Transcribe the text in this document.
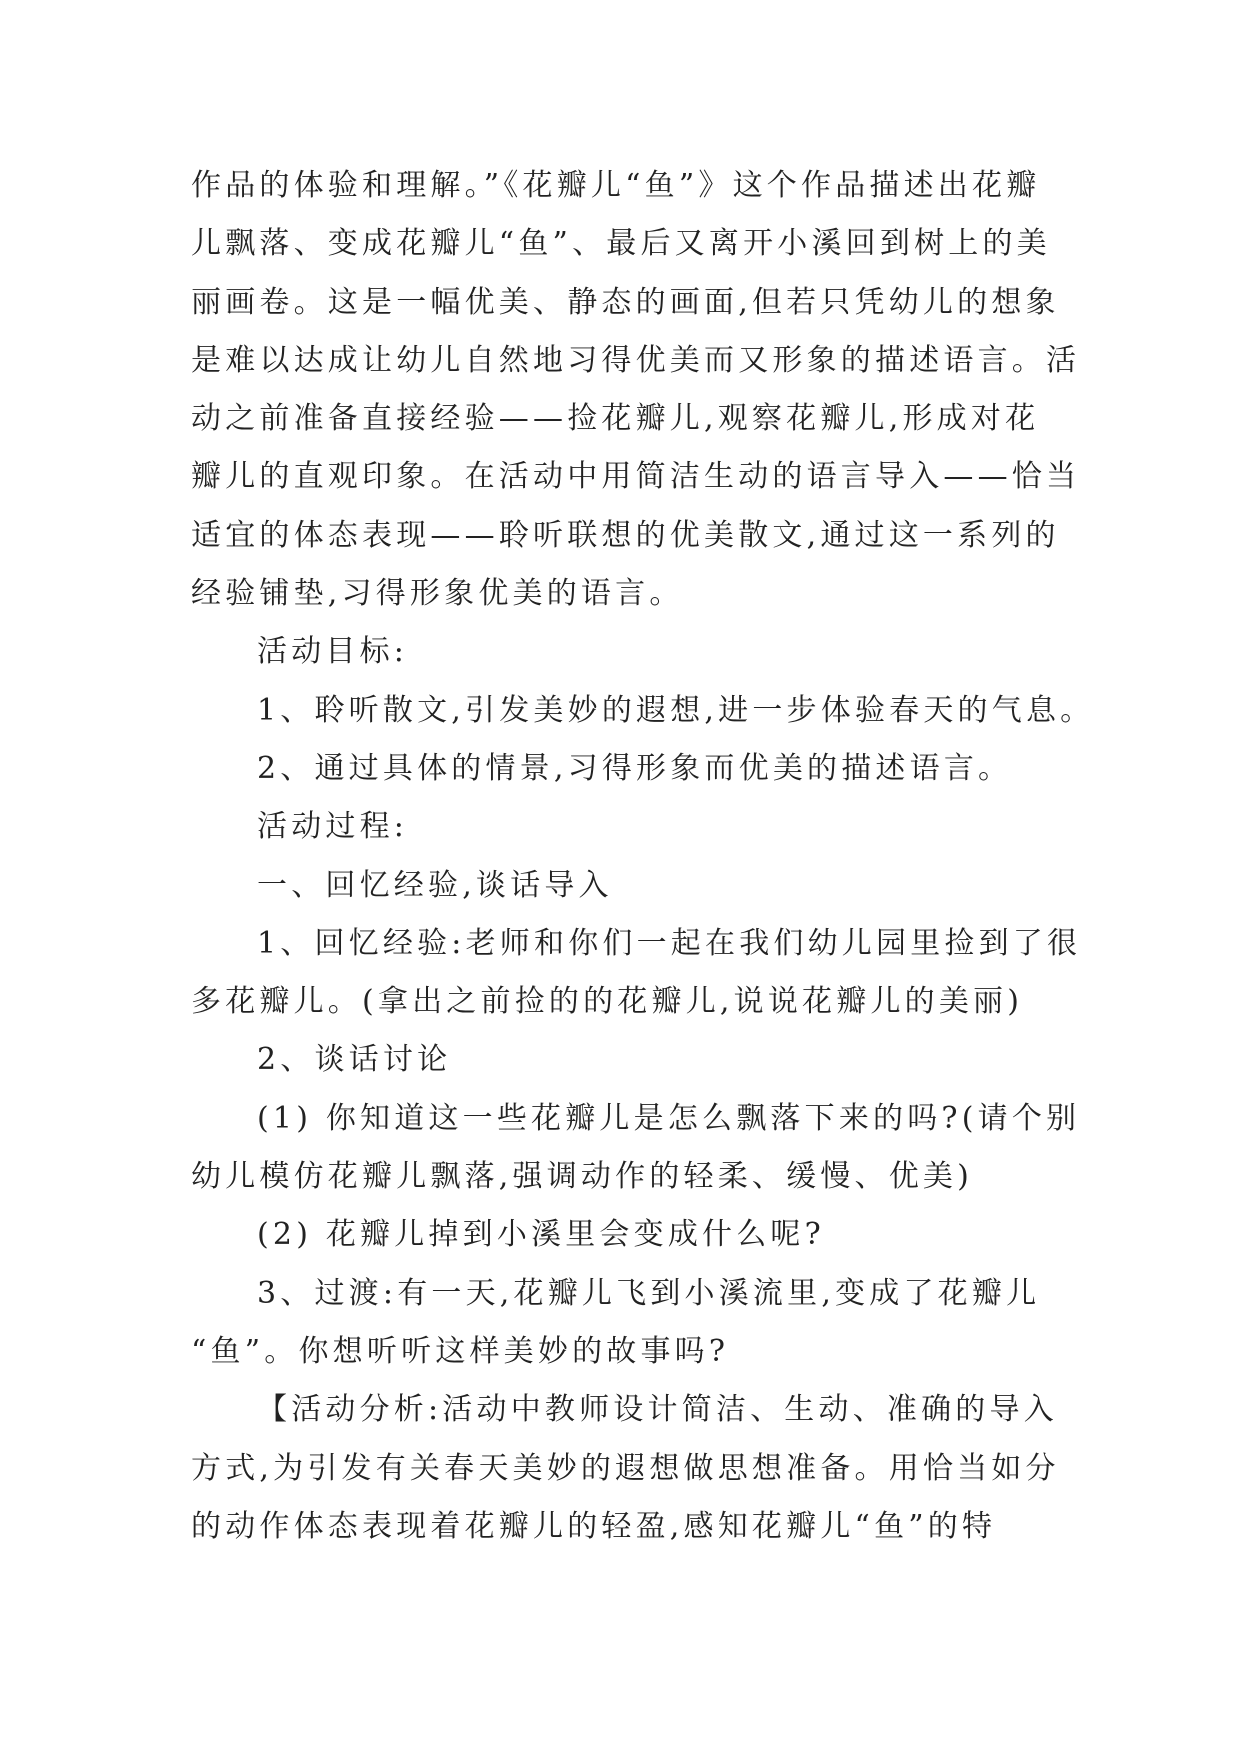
作品的体验和理解。”《花瓣儿“鱼”》这个作品描述出花瓣
儿飘落、变成花瓣儿“鱼”、最后又离开小溪回到树上的美
丽画卷。这是一幅优美、静态的画面,但若只凭幼儿的想象
是难以达成让幼儿自然地习得优美而又形象的描述语言。活
动之前准备直接经验——捡花瓣儿,观察花瓣儿,形成对花
瓣儿的直观印象。在活动中用简洁生动的语言导入——恰当
适宜的体态表现——聆听联想的优美散文,通过这一系列的
经验铺垫,习得形象优美的语言。
活动目标:
1、聆听散文,引发美妙的遐想,进一步体验春天的气息。
2、通过具体的情景,习得形象而优美的描述语言。
活动过程:
一、回忆经验,谈话导入
1、回忆经验:老师和你们一起在我们幼儿园里捡到了很
多花瓣儿。(拿出之前捡的的花瓣儿,说说花瓣儿的美丽)
2、谈话讨论
(1) 你知道这一些花瓣儿是怎么飘落下来的吗?(请个别
幼儿模仿花瓣儿飘落,强调动作的轻柔、缓慢、优美)
(2) 花瓣儿掉到小溪里会变成什么呢?
3、过渡:有一天,花瓣儿飞到小溪流里,变成了花瓣儿
“鱼”。你想听听这样美妙的故事吗?
【活动分析:活动中教师设计简洁、生动、准确的导入
方式,为引发有关春天美妙的遐想做思想准备。用恰当如分
的动作体态表现着花瓣儿的轻盈,感知花瓣儿“鱼”的特
